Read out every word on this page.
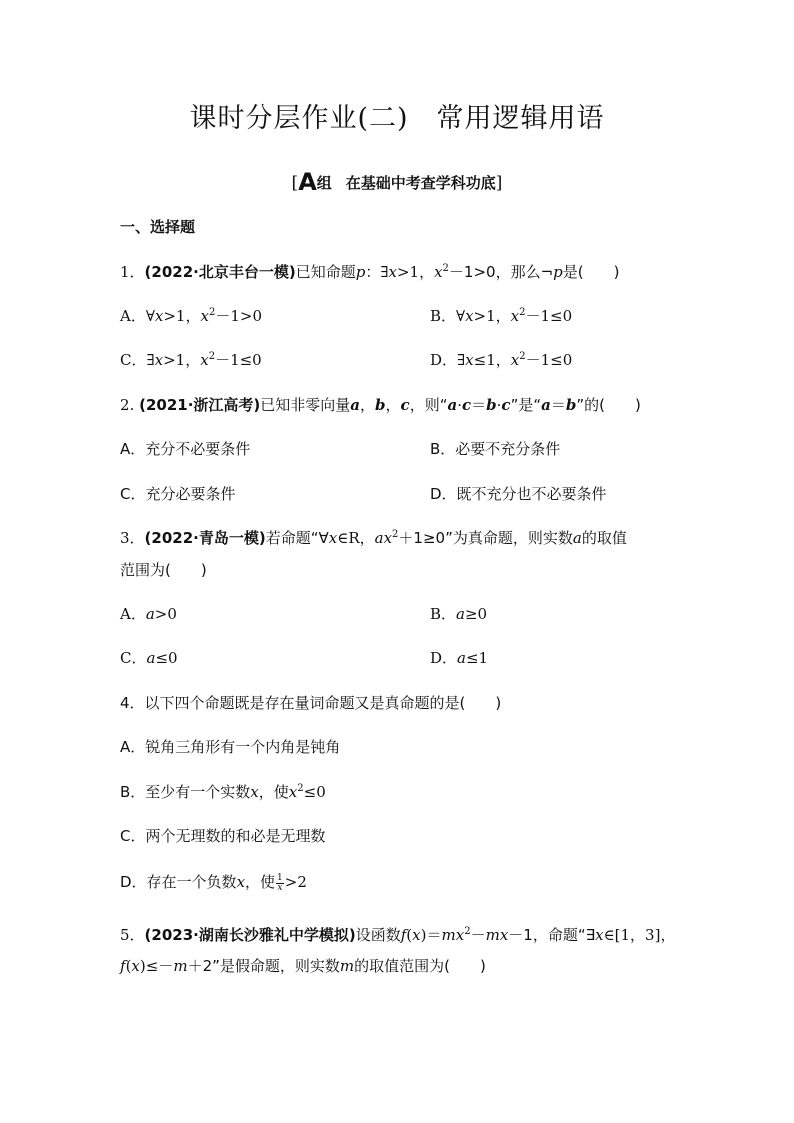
课时分层作业(二) 常用逻辑用语
[A组 在基础中考查学科功底]
一、选择题
1．(2022·北京丰台一模)已知命题p：∃x>1，$x^2-1>0$，那么¬p是(　　)
A．∀x>1，$x^2-1>0$	B．∀x>1，$x^2-1\le 0$
C．∃x>1，$x^2-1\le 0$	D．∃x≤1，$x^2-1\le 0$
2. (2021·浙江高考)已知非零向量a，b，c，则“a·c＝b·c”是“a＝b”的(　　)
A．充分不必要条件	B．必要不充分条件
C．充分必要条件	D．既不充分也不必要条件
3．(2022·青岛一模)若命题“∀x∈R，$ax^2+1\ge 0$”为真命题，则实数a的取值
范围为(　　)
A．a>0	B．a≥0
C．a≤0	D．a≤1
4．以下四个命题既是存在量词命题又是真命题的是(　　)
A．锐角三角形有一个内角是钝角
B．至少有一个实数x，使$x^2\le 0$
C．两个无理数的和必是无理数
D．存在一个负数x，使 $\frac{1}{x} >2$
5．(2023·湖南长沙雅礼中学模拟)设函数$f(x)=mx^2-mx-1$，命题“∃x∈[1，3]，
f(x)≤－m＋2”是假命题，则实数m的取值范围为(　　)
